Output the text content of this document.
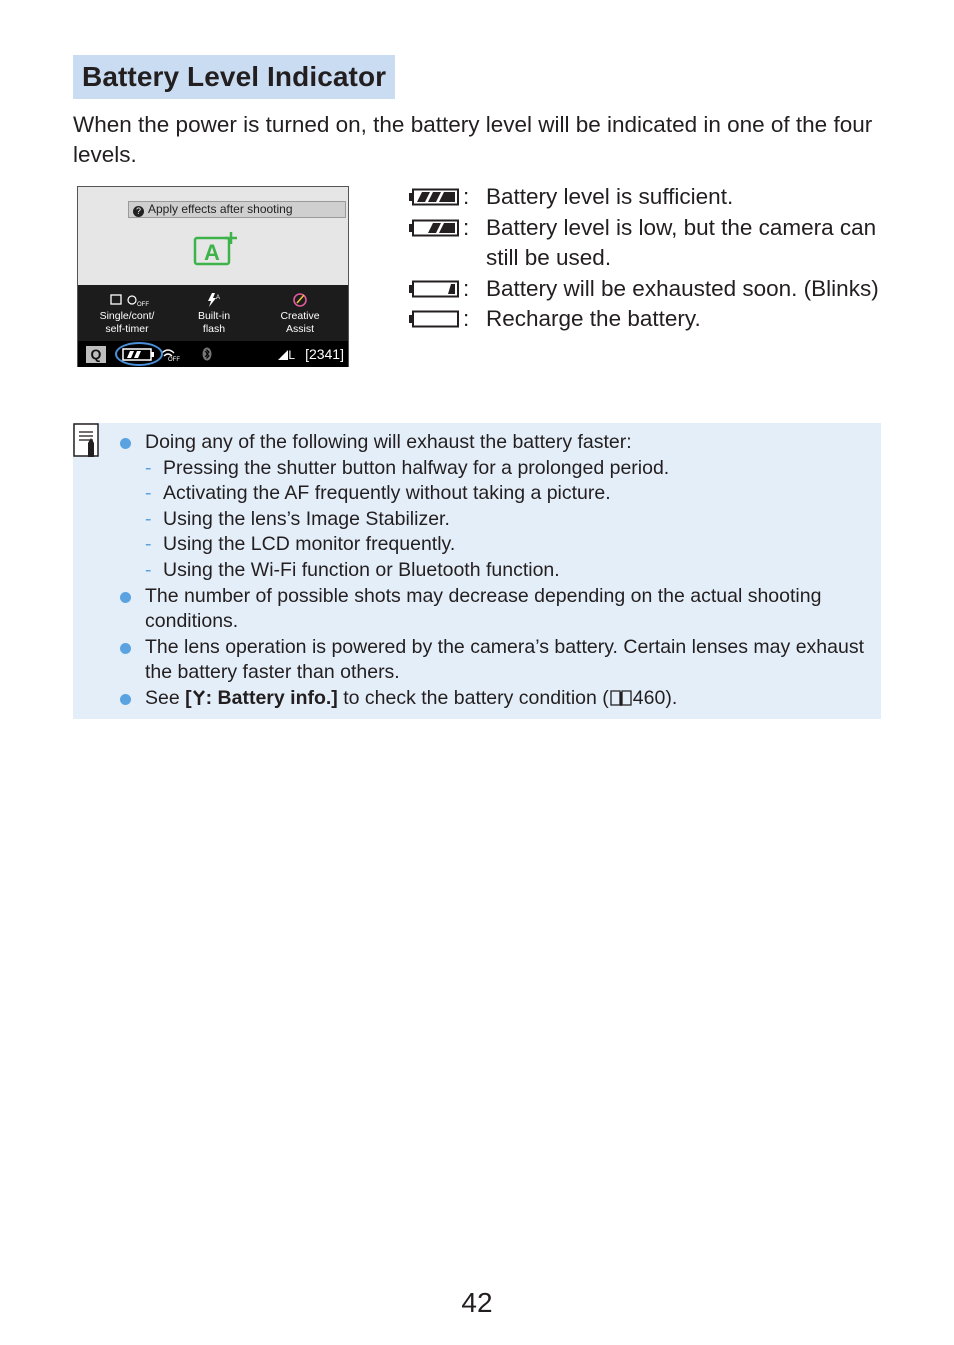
Battery Level Indicator

When the power is turned on, the battery level will be indicated in one of the four levels.

? Apply effects after shooting
A
OFF
Single/cont/
self-timer
A
Built-in
flash
Creative
Assist
Q	OFF	L [2341]
: Battery level is sufficient.
: Battery level is low, but the camera can still be used.
: Battery will be exhausted soon. (Blinks)
: Recharge the battery.
Doing any of the following will exhaust the battery faster:
- Pressing the shutter button halfway for a prolonged period.
- Activating the AF frequently without taking a picture.
- Using the lens’s Image Stabilizer.
- Using the LCD monitor frequently.
- Using the Wi-Fi function or Bluetooth function.
The number of possible shots may decrease depending on the actual shooting conditions.
The lens operation is powered by the camera’s battery. Certain lenses may exhaust the battery faster than others.
See [ : Battery info.] to check the battery condition ( 460).
42
